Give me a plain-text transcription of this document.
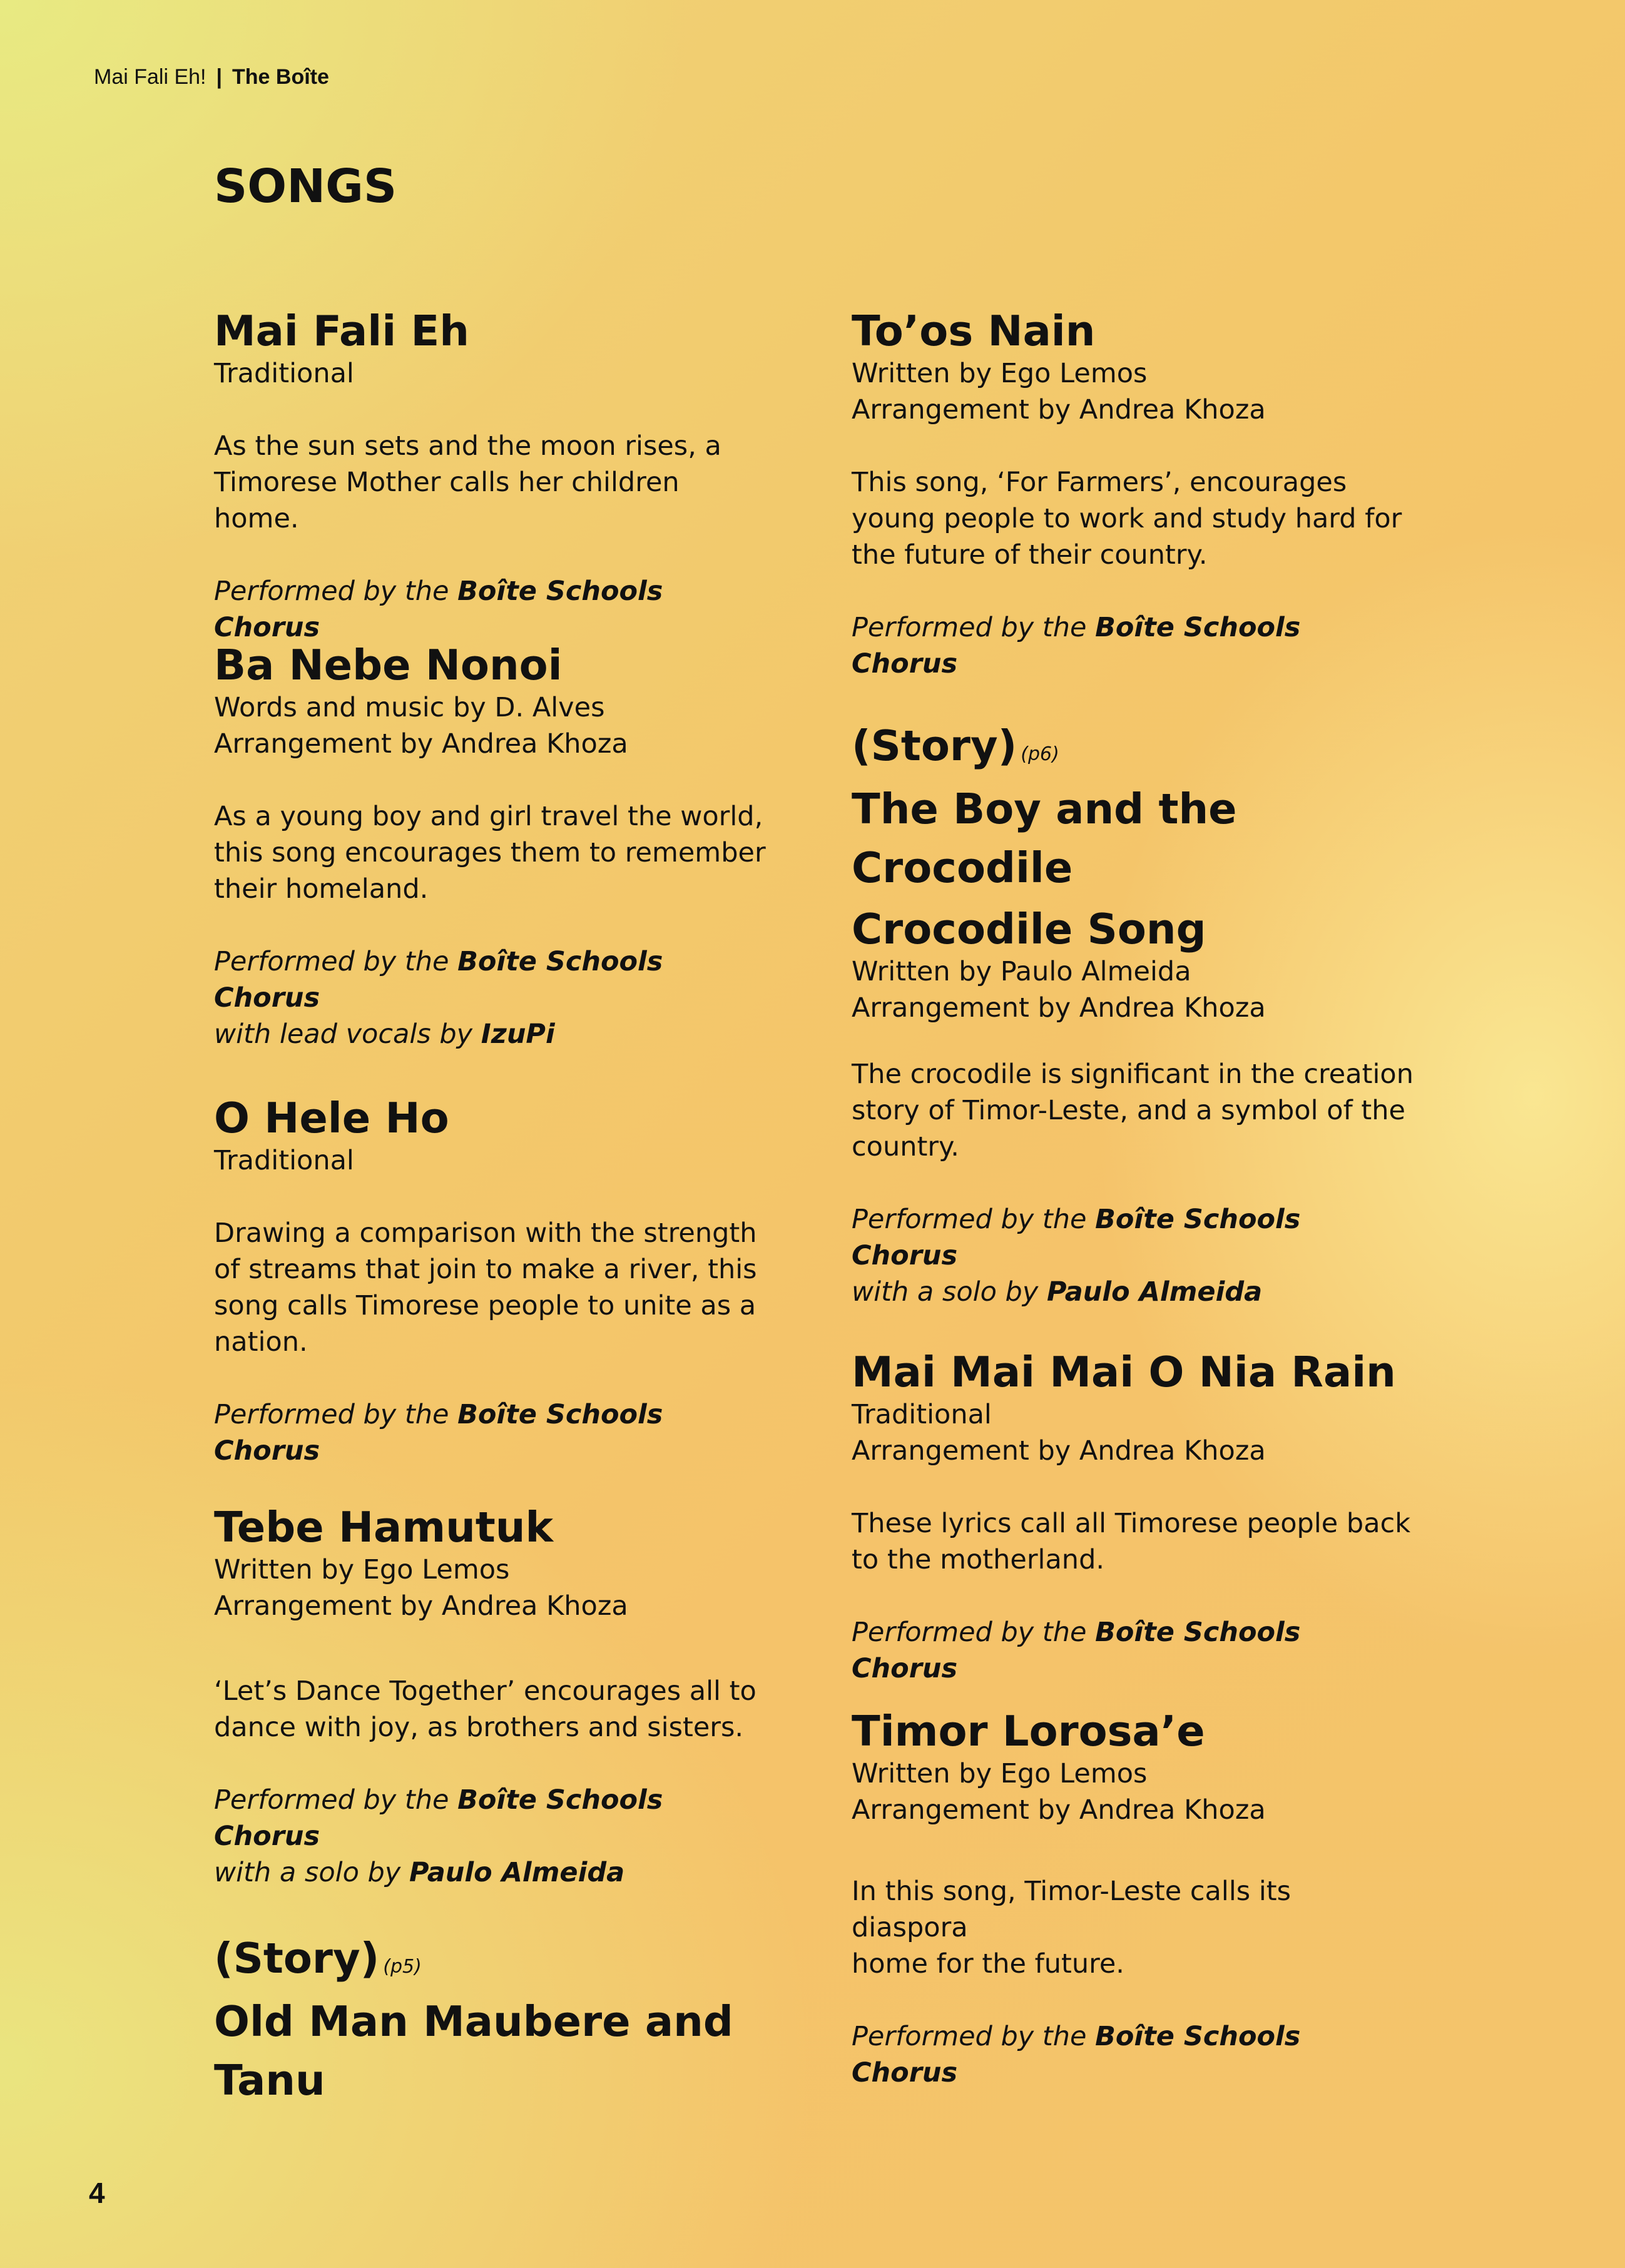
Mai Fali Eh! | The Boîte
SONGS
Mai Fali Eh
Traditional
As the sun sets and the moon rises, a
Timorese Mother calls her children
home.
Performed by the Boîte Schools Chorus
Ba Nebe Nonoi
Words and music by D. Alves
Arrangement by Andrea Khoza
As a young boy and girl travel the world,
this song encourages them to remember
their homeland.
Performed by the Boîte Schools Chorus
with lead vocals by IzuPi
O Hele Ho
Traditional
Drawing a comparison with the strength
of streams that join to make a river, this
song calls Timorese people to unite as a
nation.
Performed by the Boîte Schools Chorus
Tebe Hamutuk
Written by Ego Lemos
Arrangement by Andrea Khoza
‘Let’s Dance Together’ encourages all to
dance with joy, as brothers and sisters.
Performed by the Boîte Schools Chorus
with a solo by Paulo Almeida
(Story) (p5)
Old Man Maubere and
Tanu
To’os Nain
Written by Ego Lemos
Arrangement by Andrea Khoza
This song, ‘For Farmers’, encourages
young people to work and study hard for
the future of their country.
Performed by the Boîte Schools Chorus
(Story) (p6)
The Boy and the Crocodile
Crocodile Song
Written by Paulo Almeida
Arrangement by Andrea Khoza
The crocodile is significant in the creation
story of Timor-Leste, and a symbol of the
country.
Performed by the Boîte Schools Chorus
with a solo by Paulo Almeida
Mai Mai Mai O Nia Rain
Traditional
Arrangement by Andrea Khoza
These lyrics call all Timorese people back
to the motherland.
Performed by the Boîte Schools Chorus
Timor Lorosa’e
Written by Ego Lemos
Arrangement by Andrea Khoza
In this song, Timor-Leste calls its diaspora
home for the future.
Performed by the Boîte Schools Chorus
4
